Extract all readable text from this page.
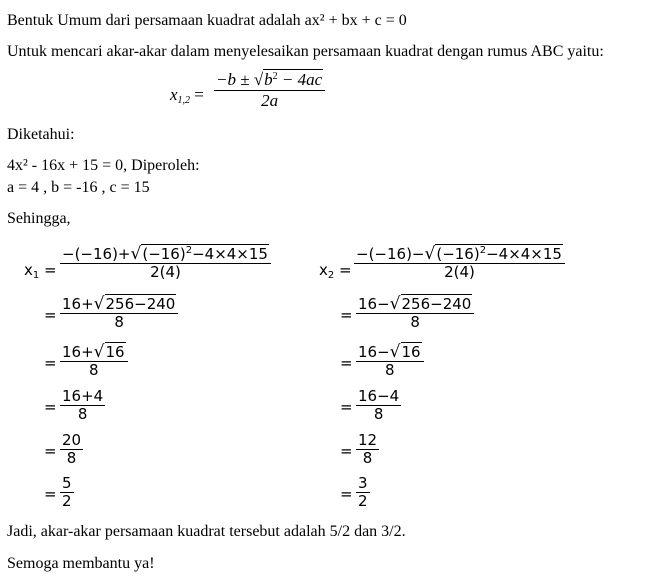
Bentuk Umum dari persamaan kuadrat adalah ax² + bx + c = 0
Untuk mencari akar-akar dalam menyelesaikan persamaan kuadrat dengan rumus ABC yaitu:
$x_{1,2} = \frac{-b \pm √b^2 - 4ac}{2a}$
Diketahui:
4x² - 16x + 15 = 0, Diperoleh:
a = 4 , b = -16 , c = 15
Sehingga,
$x_1 = \frac{-(-16)+√(-16)^2-4\times 4\times 15}{2(4)}$
= $\frac{16+√256-240}{8}$
= $\frac{16+√16}{8}$
= $\frac{16+4}{8}$
= $\frac{20}{8}$
= $\frac{5}{2}$
$x_2 = \frac{-(-16)-√(-16)^2-4\times 4\times 15}{2(4)}$
= $\frac{16-√256-240}{8}$
= $\frac{16-√16}{8}$
= $\frac{16-4}{8}$
= $\frac{12}{8}$
= $\frac{3}{2}$
Jadi, akar-akar persamaan kuadrat tersebut adalah 5/2 dan 3/2.
Semoga membantu ya!
